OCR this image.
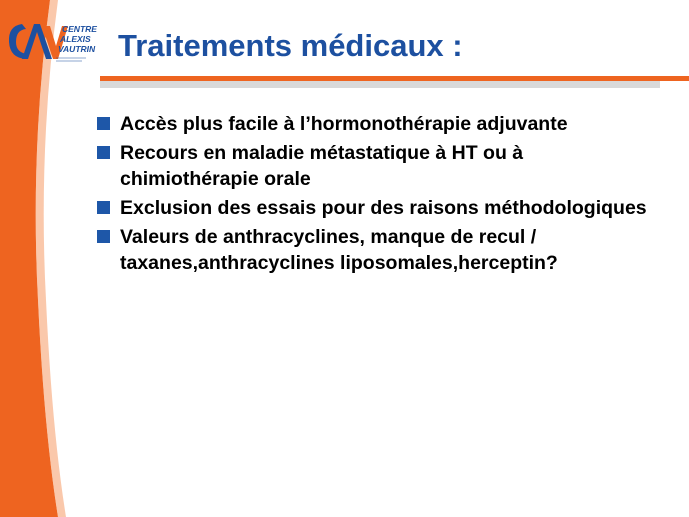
CENTRE
ALEXIS
VAUTRIN Traitements médicaux :
Accès plus facile à l’hormonothérapie adjuvante
Recours en maladie métastatique à HT ou à chimiothérapie orale
Exclusion des essais pour des raisons méthodologiques
Valeurs de anthracyclines, manque de recul / taxanes,anthracyclines liposomales,herceptin?
